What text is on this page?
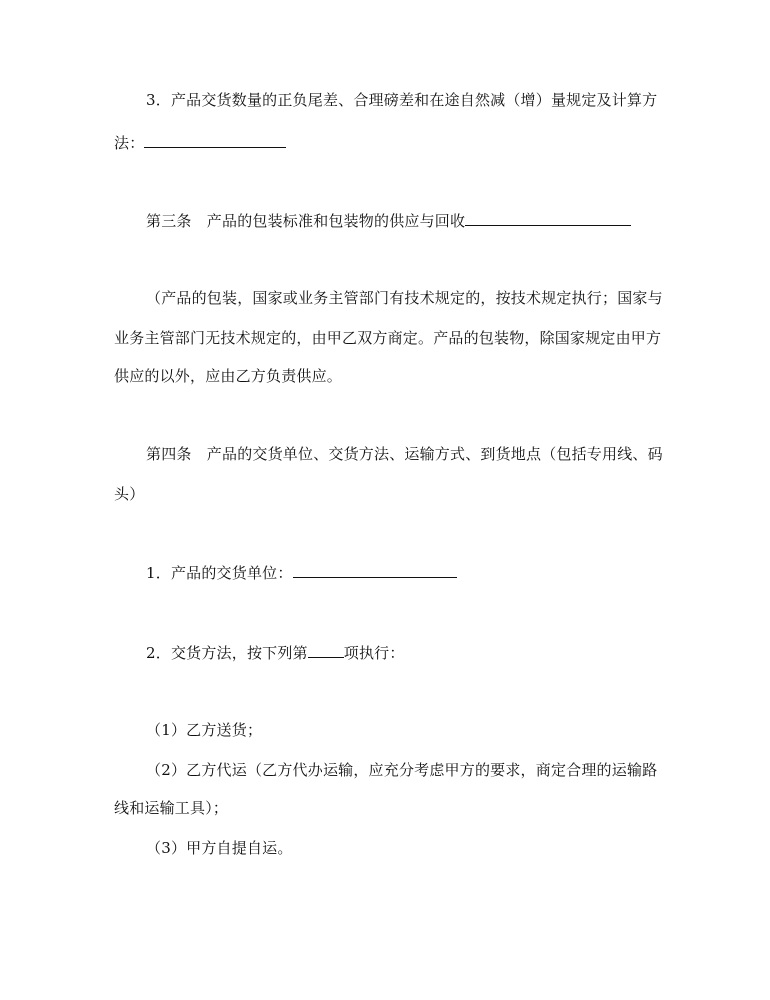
3．产品交货数量的正负尾差、合理磅差和在途自然减（增）量规定及计算方
法：
第三条　产品的包装标准和包装物的供应与回收
（产品的包装，国家或业务主管部门有技术规定的，按技术规定执行；国家与
业务主管部门无技术规定的，由甲乙双方商定。产品的包装物，除国家规定由甲方
供应的以外，应由乙方负责供应。
第四条　产品的交货单位、交货方法、运输方式、到货地点（包括专用线、码
头）
1．产品的交货单位：
2．交货方法，按下列第 项执行：
（1）乙方送货；
（2）乙方代运（乙方代办运输，应充分考虑甲方的要求，商定合理的运输路
线和运输工具）；
（3）甲方自提自运。
